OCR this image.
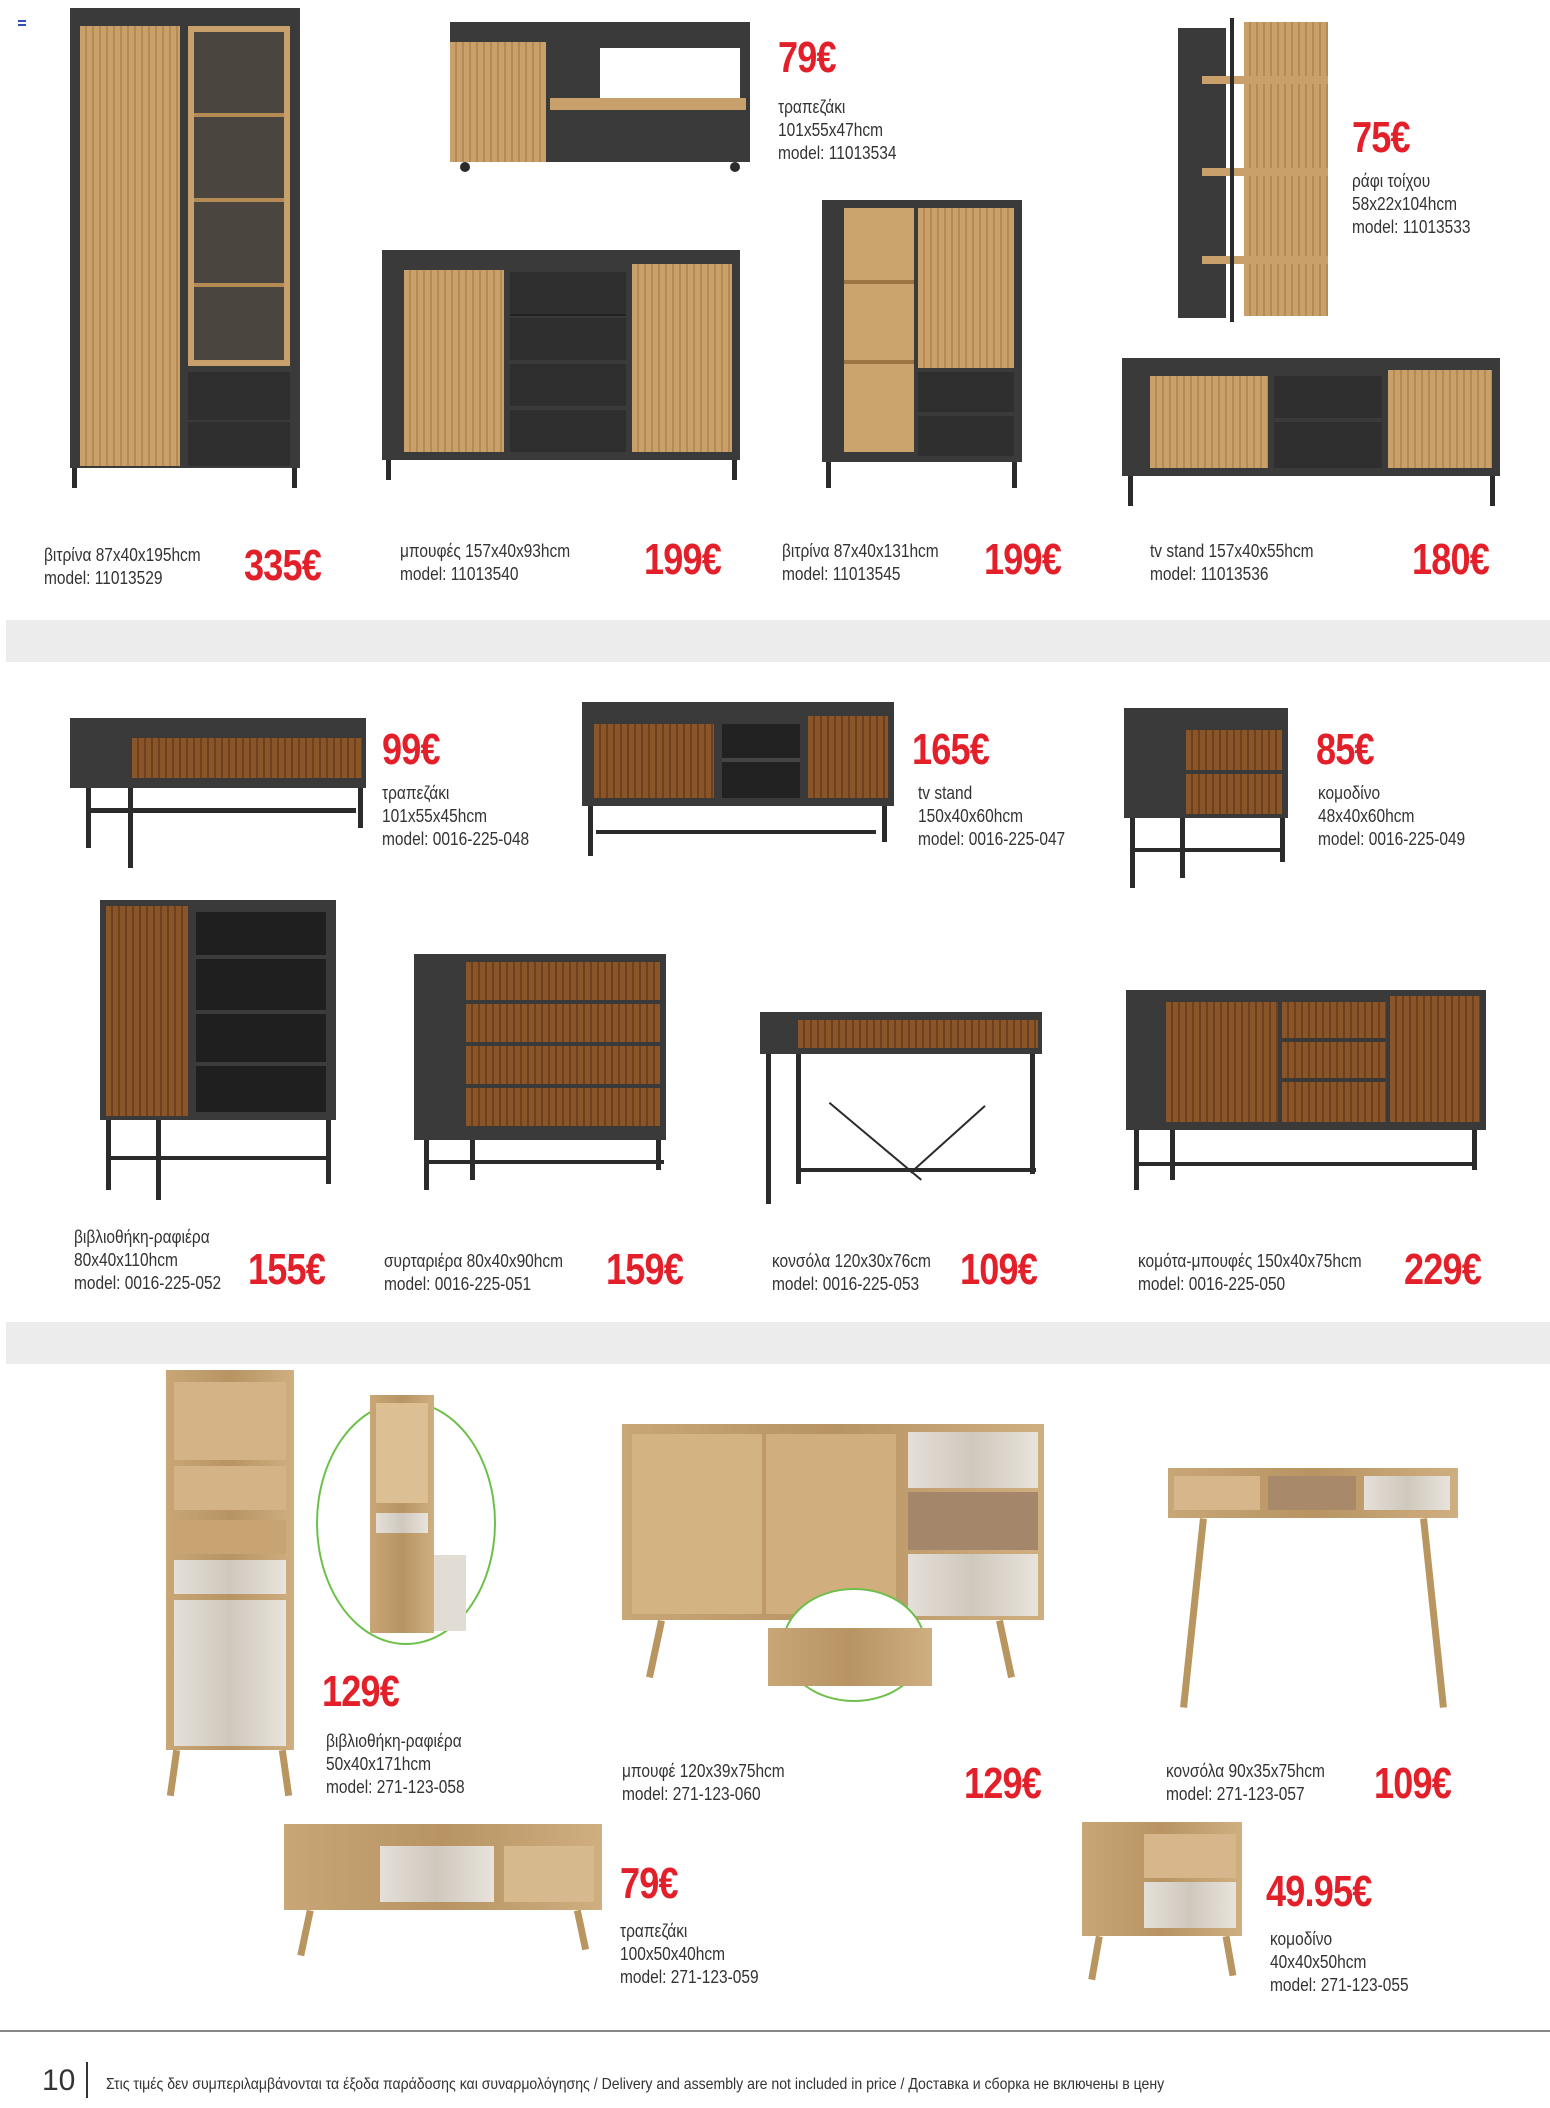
βιτρίνα 87x40x195hcm
model: 11013529	335€
79€
τραπεζάκι
101x55x47hcm
model: 11013534
μπουφές 157x40x93hcm
model: 11013540	199€	βιτρίνα 87x40x131hcm
model: 11013545	199€
75€
ράφι τοίχου
58x22x104hcm
model: 11013533
tv stand 157x40x55hcm
model: 11013536	180€
99€
τραπεζάκι
101x55x45hcm
model: 0016-225-048
165€
tv stand
150x40x60hcm
model: 0016-225-047
85€
κομοδίνο
48x40x60hcm
model: 0016-225-049
βιβλιοθήκη-ραφιέρα
80x40x110hcm
model: 0016-225-052 155€	συρταριέρα 80x40x90hcm
model: 0016-225-051	159€	κονσόλα 120x30x76cm
model: 0016-225-053 109€	κομότα-μπουφές 150x40x75hcm
model: 0016-225-050	229€
129€
βιβλιοθήκη-ραφιέρα
50x40x171hcm
model: 271-123-058
μπουφέ 120x39x75hcm
model: 271-123-060	129€	κονσόλα 90x35x75hcm
model: 271-123-057	109€
79€
τραπεζάκι
100x50x40hcm
model: 271-123-059
49.95€
κομοδίνο
40x40x50hcm
model: 271-123-055
10 Στις τιμές δεν συμπεριλαμβάνονται τα έξοδα παράδοσης και συναρμολόγησης / Delivery and assembly are not included in price / Доставка и сборка не включены в цену
